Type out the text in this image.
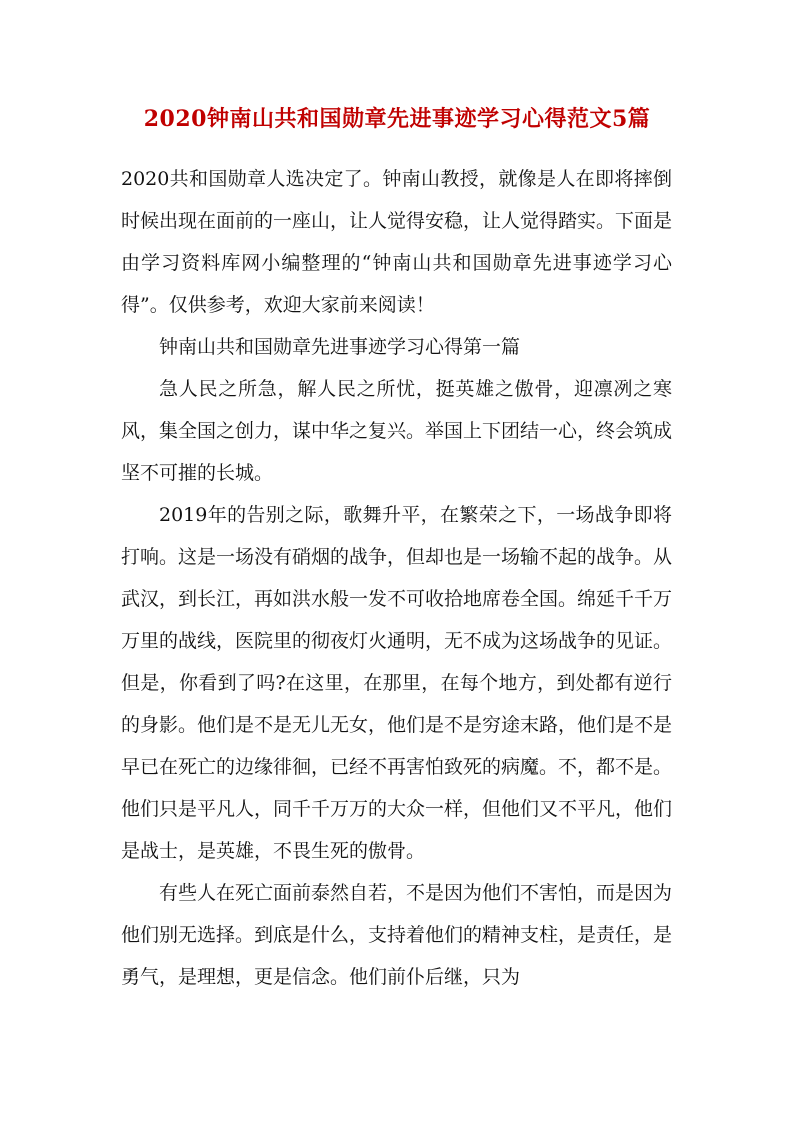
2020钟南山共和国勋章先进事迹学习心得范文5篇

2020共和国勋章人选决定了。钟南山教授，就像是人在即将摔倒时候出现在面前的一座山，让人觉得安稳，让人觉得踏实。下面是由学习资料库网小编整理的“钟南山共和国勋章先进事迹学习心得”。仅供参考，欢迎大家前来阅读！

钟南山共和国勋章先进事迹学习心得第一篇

急人民之所急，解人民之所忧，挺英雄之傲骨，迎凛冽之寒风，集全国之创力，谋中华之复兴。举国上下团结一心，终会筑成坚不可摧的长城。

2019年的告别之际，歌舞升平，在繁荣之下，一场战争即将打响。这是一场没有硝烟的战争，但却也是一场输不起的战争。从武汉，到长江，再如洪水般一发不可收拾地席卷全国。绵延千千万万里的战线，医院里的彻夜灯火通明，无不成为这场战争的见证。但是，你看到了吗?在这里，在那里，在每个地方，到处都有逆行的身影。他们是不是无儿无女，他们是不是穷途末路，他们是不是早已在死亡的边缘徘徊，已经不再害怕致死的病魔。不，都不是。他们只是平凡人，同千千万万的大众一样，但他们又不平凡，他们是战士，是英雄，不畏生死的傲骨。

有些人在死亡面前泰然自若，不是因为他们不害怕，而是因为他们别无选择。到底是什么，支持着他们的精神支柱，是责任，是勇气，是理想，更是信念。他们前仆后继，只为
